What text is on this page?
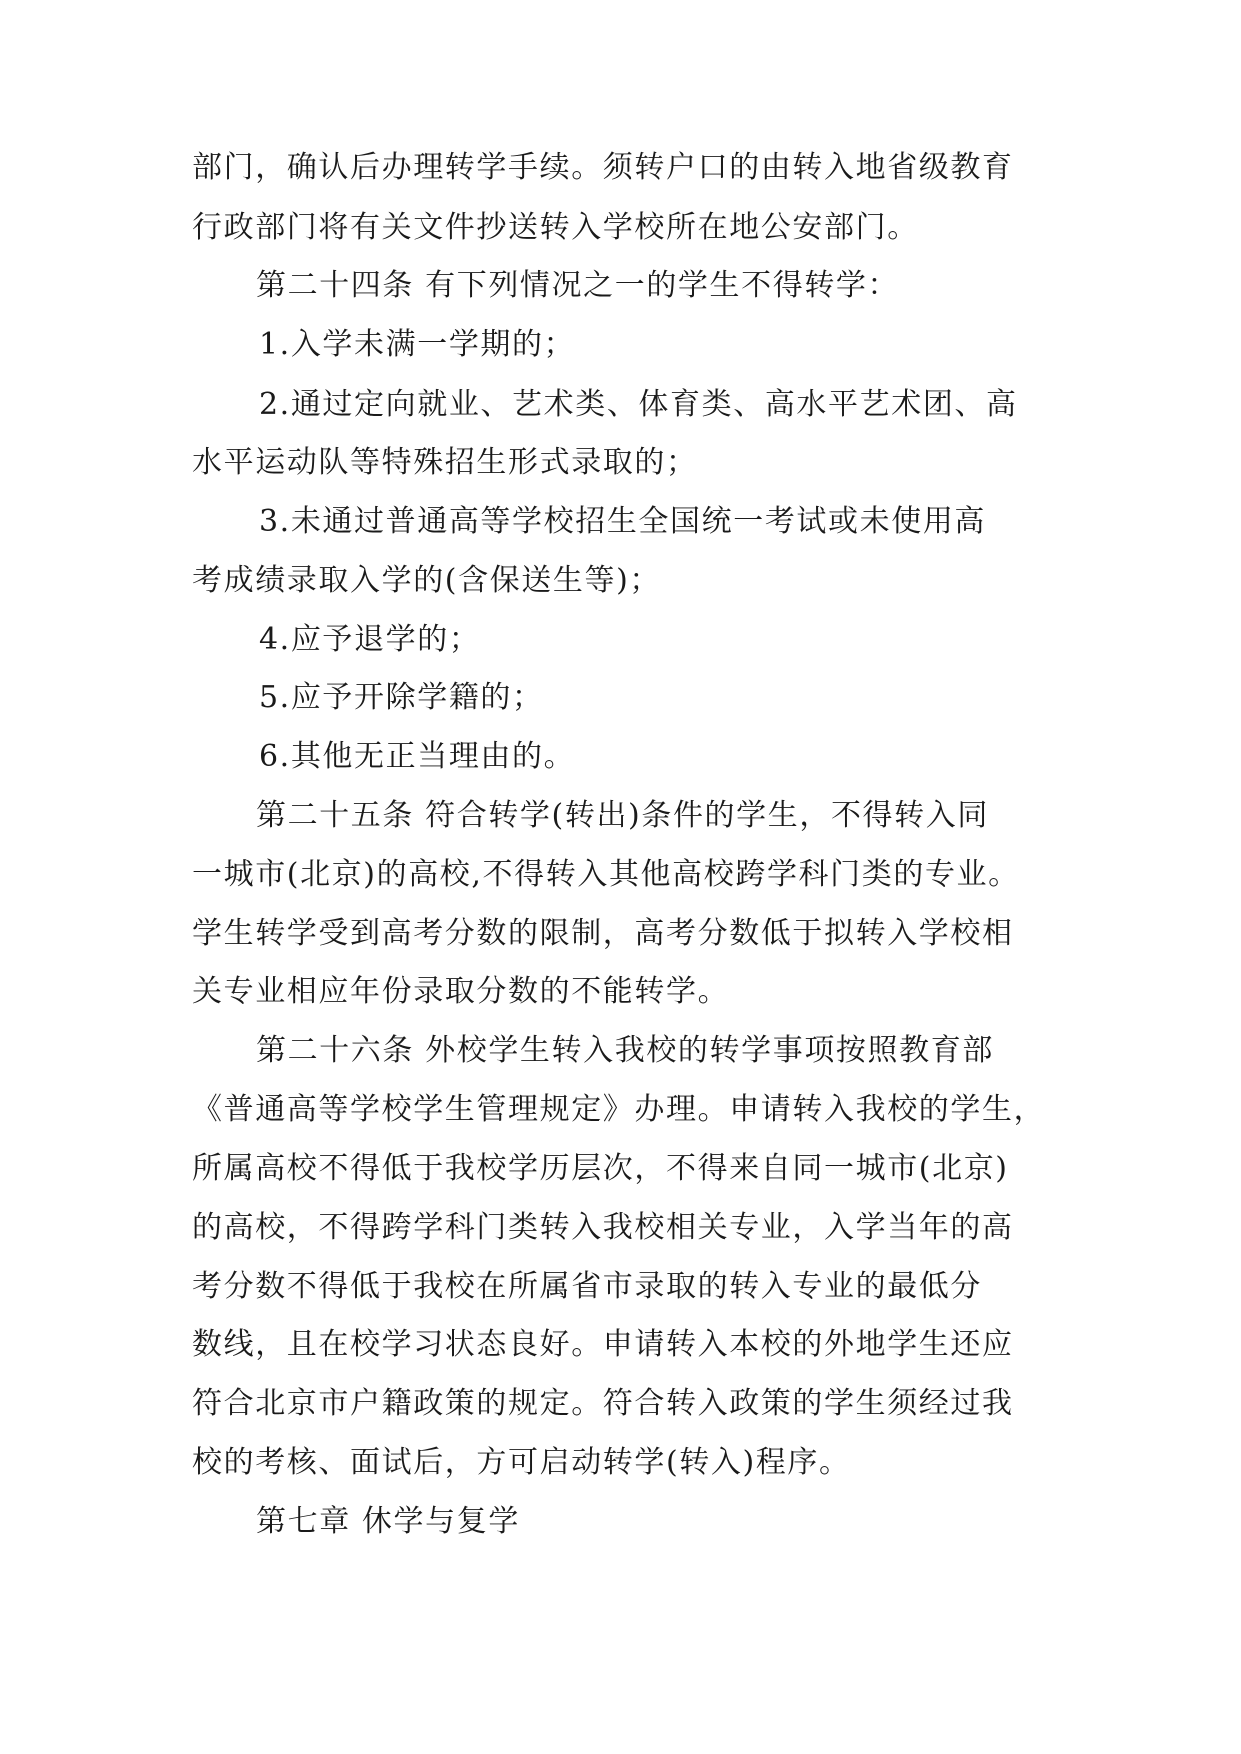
部门，确认后办理转学手续。须转户口的由转入地省级教育
行政部门将有关文件抄送转入学校所在地公安部门。
第二十四条 有下列情况之一的学生不得转学：
1.入学未满一学期的；
2.通过定向就业、艺术类、体育类、高水平艺术团、高
水平运动队等特殊招生形式录取的；
3.未通过普通高等学校招生全国统一考试或未使用高
考成绩录取入学的(含保送生等)；
4.应予退学的；
5.应予开除学籍的；
6.其他无正当理由的。
第二十五条 符合转学(转出)条件的学生，不得转入同
一城市(北京)的高校,不得转入其他高校跨学科门类的专业。
学生转学受到高考分数的限制，高考分数低于拟转入学校相
关专业相应年份录取分数的不能转学。
第二十六条 外校学生转入我校的转学事项按照教育部
《普通高等学校学生管理规定》办理。申请转入我校的学生，
所属高校不得低于我校学历层次，不得来自同一城市(北京)
的高校，不得跨学科门类转入我校相关专业，入学当年的高
考分数不得低于我校在所属省市录取的转入专业的最低分
数线，且在校学习状态良好。申请转入本校的外地学生还应
符合北京市户籍政策的规定。符合转入政策的学生须经过我
校的考核、面试后，方可启动转学(转入)程序。
第七章 休学与复学
